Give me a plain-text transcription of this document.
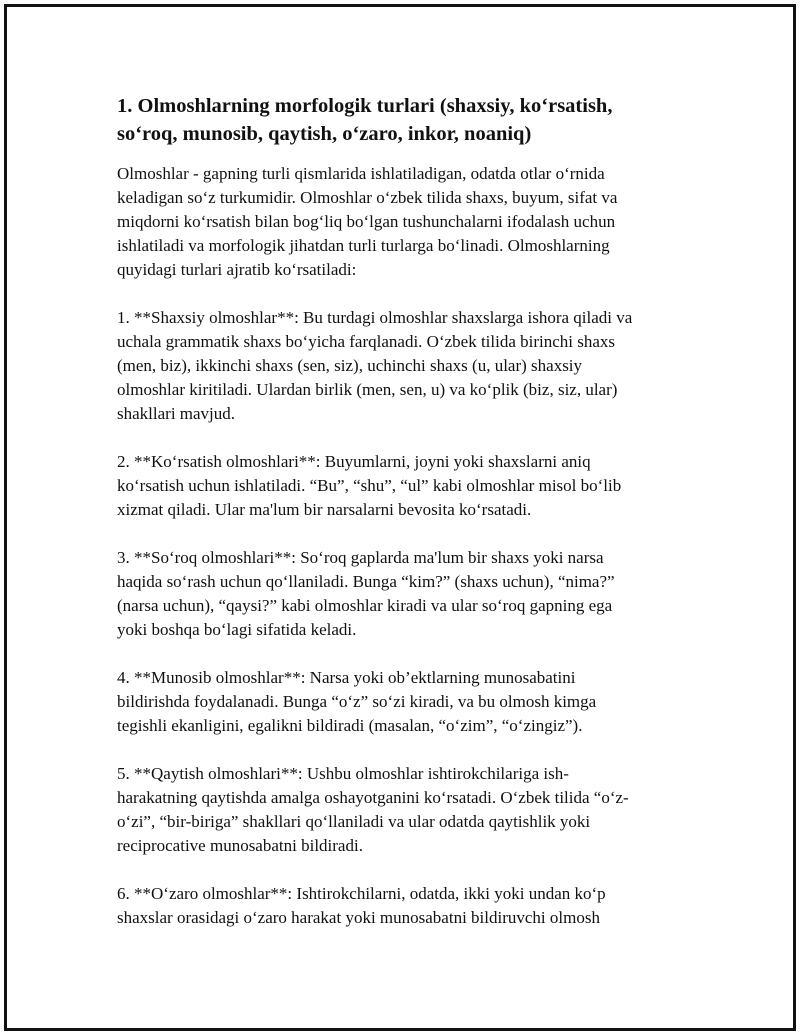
1. Olmoshlarning morfologik turlari (shaxsiy, ko‘rsatish,
so‘roq, munosib, qaytish, o‘zaro, inkor, noaniq)

Olmoshlar - gapning turli qismlarida ishlatiladigan, odatda otlar o‘rnida
keladigan so‘z turkumidir. Olmoshlar o‘zbek tilida shaxs, buyum, sifat va
miqdorni ko‘rsatish bilan bog‘liq bo‘lgan tushunchalarni ifodalash uchun
ishlatiladi va morfologik jihatdan turli turlarga bo‘linadi. Olmoshlarning
quyidagi turlari ajratib ko‘rsatiladi:

1. **Shaxsiy olmoshlar**: Bu turdagi olmoshlar shaxslarga ishora qiladi va
uchala grammatik shaxs bo‘yicha farqlanadi. O‘zbek tilida birinchi shaxs
(men, biz), ikkinchi shaxs (sen, siz), uchinchi shaxs (u, ular) shaxsiy
olmoshlar kiritiladi. Ulardan birlik (men, sen, u) va ko‘plik (biz, siz, ular)
shakllari mavjud.

2. **Ko‘rsatish olmoshlari**: Buyumlarni, joyni yoki shaxslarni aniq
ko‘rsatish uchun ishlatiladi. “Bu”, “shu”, “ul” kabi olmoshlar misol bo‘lib
xizmat qiladi. Ular ma'lum bir narsalarni bevosita ko‘rsatadi.

3. **So‘roq olmoshlari**: So‘roq gaplarda ma'lum bir shaxs yoki narsa
haqida so‘rash uchun qo‘llaniladi. Bunga “kim?” (shaxs uchun), “nima?”
(narsa uchun), “qaysi?” kabi olmoshlar kiradi va ular so‘roq gapning ega
yoki boshqa bo‘lagi sifatida keladi.

4. **Munosib olmoshlar**: Narsa yoki ob’ektlarning munosabatini
bildirishda foydalanadi. Bunga “o‘z” so‘zi kiradi, va bu olmosh kimga
tegishli ekanligini, egalikni bildiradi (masalan, “o‘zim”, “o‘zingiz”).

5. **Qaytish olmoshlari**: Ushbu olmoshlar ishtirokchilariga ish-
harakatning qaytishda amalga oshayotganini ko‘rsatadi. O‘zbek tilida “o‘z-
o‘zi”, “bir-biriga” shakllari qo‘llaniladi va ular odatda qaytishlik yoki
reciprocative munosabatni bildiradi.

6. **O‘zaro olmoshlar**: Ishtirokchilarni, odatda, ikki yoki undan ko‘p
shaxslar orasidagi o‘zaro harakat yoki munosabatni bildiruvchi olmosh
